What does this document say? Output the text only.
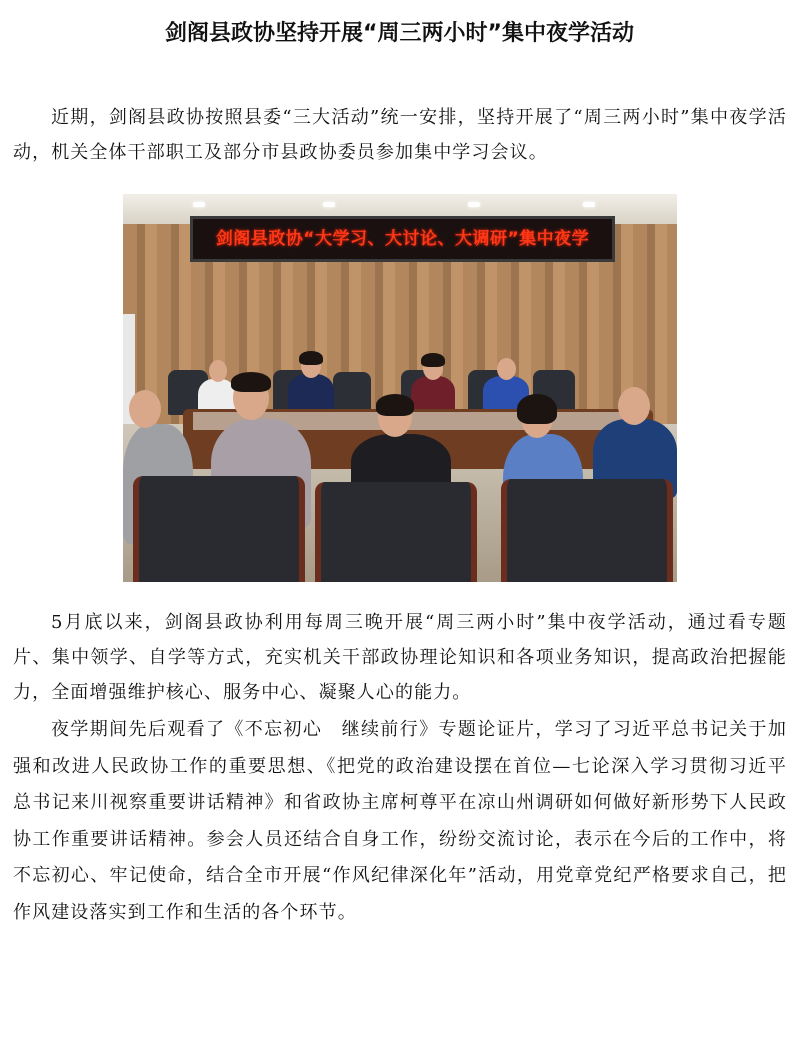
剑阁县政协坚持开展“周三两小时”集中夜学活动

近期，剑阁县政协按照县委“三大活动”统一安排，坚持开展了“周三两小时”集中夜学活动，机关全体干部职工及部分市县政协委员参加集中学习会议。

剑阁县政协“大学习、大讨论、大调研”集中夜学

5月底以来，剑阁县政协利用每周三晚开展“周三两小时”集中夜学活动，通过看专题片、集中领学、自学等方式，充实机关干部政协理论知识和各项业务知识，提高政治把握能力，全面增强维护核心、服务中心、凝聚人心的能力。

夜学期间先后观看了《不忘初心　继续前行》专题论证片，学习了习近平总书记关于加强和改进人民政协工作的重要思想、《把党的政治建设摆在首位—七论深入学习贯彻习近平总书记来川视察重要讲话精神》和省政协主席柯尊平在凉山州调研如何做好新形势下人民政协工作重要讲话精神。参会人员还结合自身工作，纷纷交流讨论，表示在今后的工作中，将不忘初心、牢记使命，结合全市开展“作风纪律深化年”活动，用党章党纪严格要求自己，把作风建设落实到工作和生活的各个环节。
